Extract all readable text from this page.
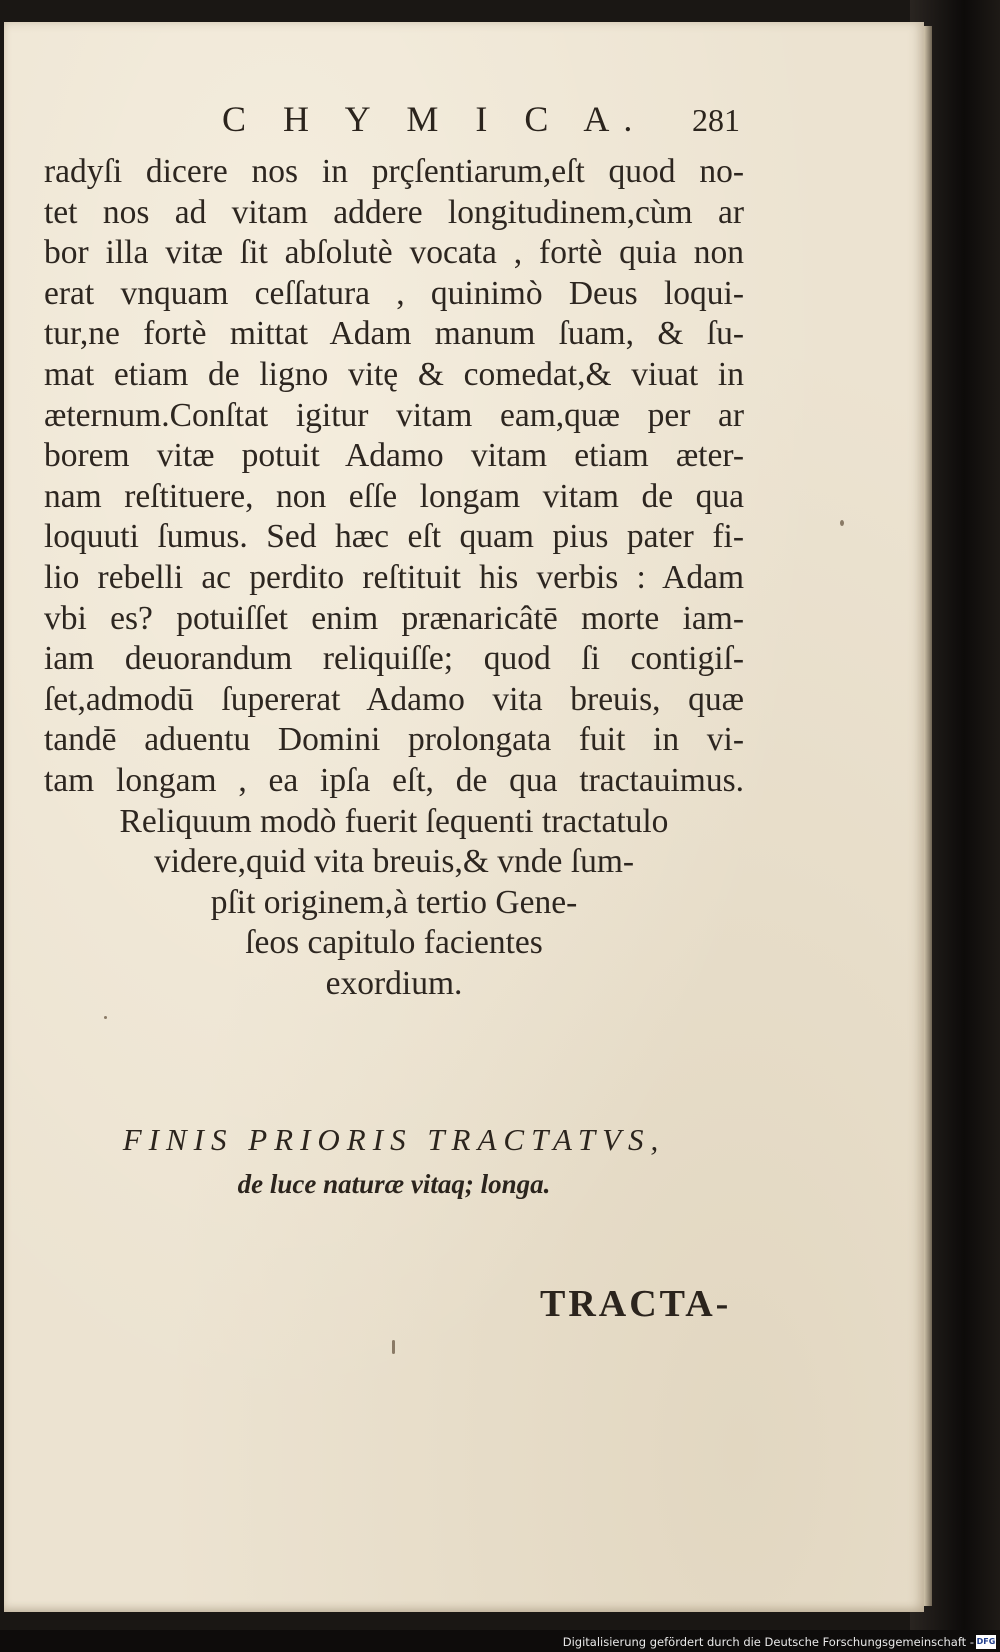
C H Y M I C A. 281
radyſi dicere nos in prçſentiarum,eſt quod no-
tet nos ad vitam addere longitudinem,cùm ar
bor illa vitæ ſit abſolutè vocata , fortè quia non
erat vnquam ceſſatura , quinimò Deus loqui-
tur,ne fortè mittat Adam manum ſuam, & ſu-
mat etiam de ligno vitę & comedat,& viuat in
æternum.Conſtat igitur vitam eam,quæ per ar
borem vitæ potuit Adamo vitam etiam æter-
nam reſtituere, non eſſe longam vitam de qua
loquuti ſumus. Sed hæc eſt quam pius pater fi-
lio rebelli ac perdito reſtituit his verbis : Adam
vbi es? potuiſſet enim prænaricâtē morte iam-
iam deuorandum reliquiſſe; quod ſi contigiſ-
ſet,admodū ſupererat Adamo vita breuis, quæ
tandē aduentu Domini prolongata fuit in vi-
tam longam , ea ipſa eſt, de qua tractauimus.
Reliquum modò fuerit ſequenti tractatulo
videre,quid vita breuis,& vnde ſum-
pſit originem,à tertio Gene-
ſeos capitulo facientes
exordium.
FINIS PRIORIS TRACTATVS,
de luce naturæ vitaq; longa.
TRACTA-
Digitalisierung gefördert durch die Deutsche Forschungsgemeinschaft - DFG
